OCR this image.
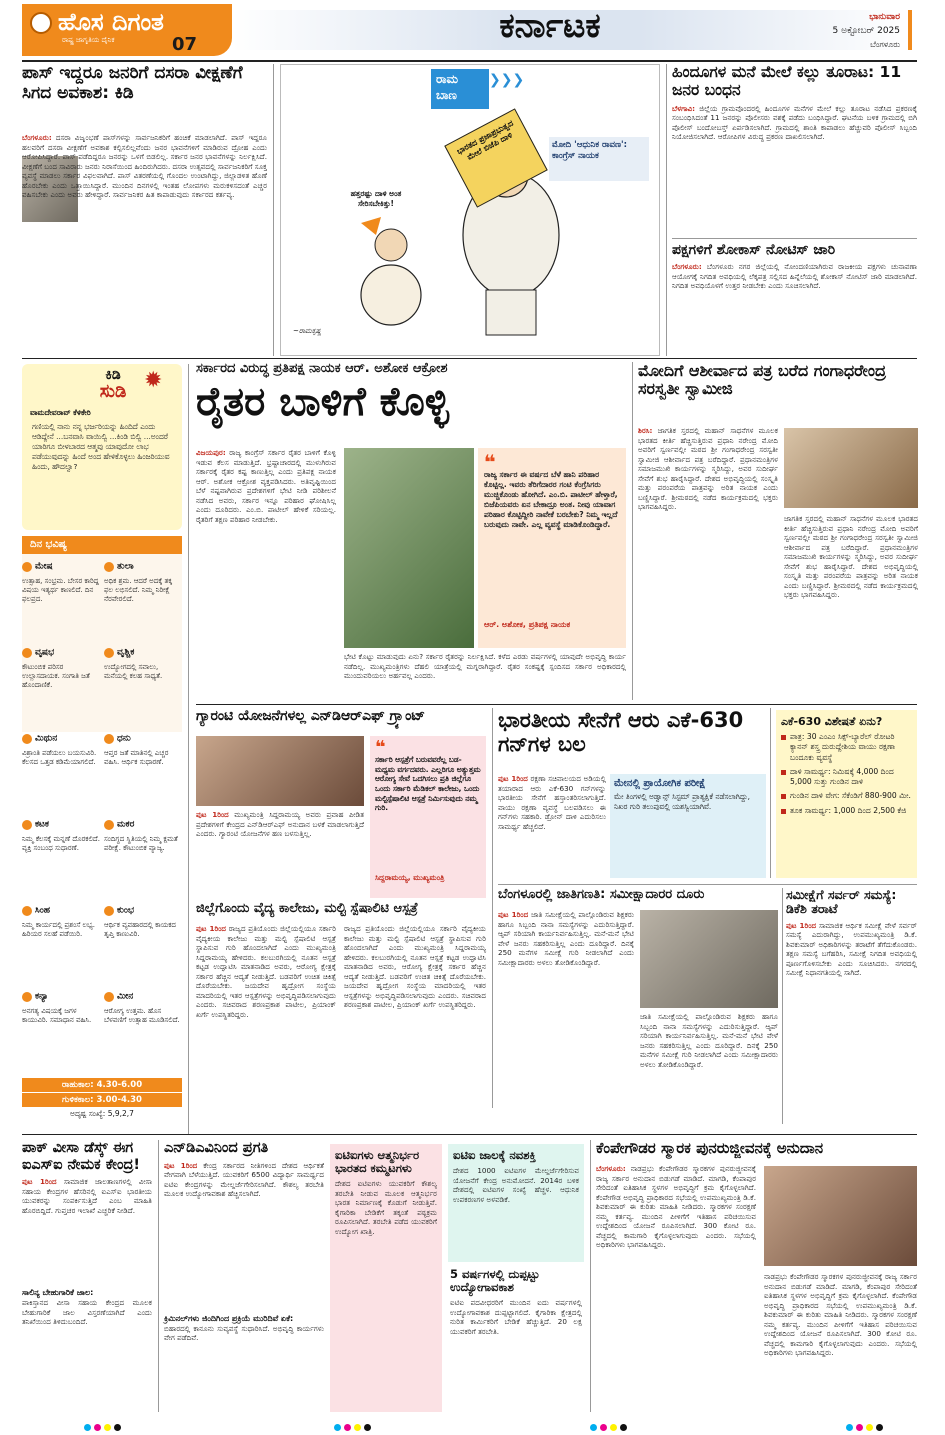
ಹೊಸ ದಿಗಂತ
ರಾಷ್ಟ್ರ ಜಾಗೃತಿಯ ದೈನಿಕ	07	ಕರ್ನಾಟಕ	ಭಾನುವಾರ
5 ಅಕ್ಟೋಬರ್ 2025
ಬೆಂಗಳೂರು
ಪಾಸ್ ಇದ್ದರೂ ಜನರಿಗೆ ದಸರಾ ವೀಕ್ಷಣೆಗೆ ಸಿಗದ ಅವಕಾಶ: ಕಿಡಿ

ಬೆಂಗಳೂರು: ದಸರಾ ವಿಜೃಂಭಣೆ ಪಾಸ್‌ಗಳನ್ನು ಸಾರ್ವಜನಿಕರಿಗೆ ಹಂಚಿಕೆ ಮಾಡಲಾಗಿದೆ. ಪಾಸ್ ಇದ್ದರೂ ಹಲವರಿಗೆ ದಸರಾ ವೀಕ್ಷಣೆಗೆ ಅವಕಾಶ ಕಲ್ಪಿಸಲಿಲ್ಲವೆಂದು ಜನರ ಭಾವನೆಗಳಿಗೆ ಮಾಡಿರುವ ದ್ರೋಹ ಎಂದು ಆರೋಪಿಸಿದ್ದಾರೆ. ಪಾಸ್ ಪಡೆದಿದ್ದರೂ ಜನರನ್ನು ಒಳಗೆ ಬಿಡಲಿಲ್ಲ. ಸರ್ಕಾರ ಜನರ ಭಾವನೆಗಳನ್ನು ನಿರ್ಲಕ್ಷಿಸಿದೆ. ವೀಕ್ಷಣೆಗೆ ಬಂದ ಸಾವಿರಾರು ಜನರು ನಿರಾಸೆಯಿಂದ ಹಿಂದಿರುಗಿದರು. ದಸರಾ ಉತ್ಸವದಲ್ಲಿ ಸಾರ್ವಜನಿಕರಿಗೆ ಸೂಕ್ತ ವ್ಯವಸ್ಥೆ ಮಾಡಲು ಸರ್ಕಾರ ವಿಫಲವಾಗಿದೆ. ಪಾಸ್ ವಿತರಣೆಯಲ್ಲಿ ಗೊಂದಲ ಉಂಟಾಗಿದ್ದು, ಜಿಲ್ಲಾಡಳಿತ ಹೊಣೆ ಹೊರಬೇಕು ಎಂದು ಒತ್ತಾಯಿಸಿದ್ದಾರೆ. ಮುಂದಿನ ದಿನಗಳಲ್ಲಿ ಇಂತಹ ಲೋಪಗಳು ಮರುಕಳಿಸದಂತೆ ಎಚ್ಚರ ವಹಿಸಬೇಕು ಎಂದು ಅವರು ಹೇಳಿದ್ದಾರೆ. ಸಾರ್ವಜನಿಕರ ಹಿತ ಕಾಪಾಡುವುದು ಸರ್ಕಾರದ ಕರ್ತವ್ಯ.

ರಾಮ
ಬಾಣ
❯❯❯
ಭಾರತದ ಪ್ರಜಾಪ್ರಭುತ್ವದ ಮೇಲೆ ಬಿಜೆಪಿ ದಾಳಿ	ಮೋದಿ 'ಆಧುನಿಕ ರಾವಣ': ಕಾಂಗ್ರೆಸ್ ನಾಯಕ
ಹತ್ತರಷ್ಟು ದಾಳಿ ಅಂತ ಸೇರಿಸಬೇಕಿತ್ತು!
~ರಾಮಕೃಷ್ಣ
ಹಿಂದೂಗಳ ಮನೆ ಮೇಲೆ ಕಲ್ಲು ತೂರಾಟ: 11 ಜನರ ಬಂಧನ
ಬೆಳಗಾವಿ: ಜಿಲ್ಲೆಯ ಗ್ರಾಮವೊಂದರಲ್ಲಿ ಹಿಂದೂಗಳ ಮನೆಗಳ ಮೇಲೆ ಕಲ್ಲು ತೂರಾಟ ನಡೆಸಿದ ಪ್ರಕರಣಕ್ಕೆ ಸಂಬಂಧಿಸಿದಂತೆ 11 ಜನರನ್ನು ಪೊಲೀಸರು ವಶಕ್ಕೆ ಪಡೆದು ಬಂಧಿಸಿದ್ದಾರೆ. ಘಟನೆಯ ಬಳಿಕ ಗ್ರಾಮದಲ್ಲಿ ಬಿಗಿ ಪೊಲೀಸ್ ಬಂದೋಬಸ್ತ್ ಏರ್ಪಡಿಸಲಾಗಿದೆ. ಗ್ರಾಮದಲ್ಲಿ ಶಾಂತಿ ಕಾಪಾಡಲು ಹೆಚ್ಚುವರಿ ಪೊಲೀಸ್ ಸಿಬ್ಬಂದಿ ನಿಯೋಜಿಸಲಾಗಿದೆ. ಆರೋಪಿಗಳ ವಿರುದ್ಧ ಪ್ರಕರಣ ದಾಖಲಿಸಲಾಗಿದೆ.
ಪಕ್ಷಗಳಿಗೆ ಶೋಕಾಸ್ ನೋಟಿಸ್ ಜಾರಿ
ಬೆಂಗಳೂರು: ಬೆಂಗಳೂರು ನಗರ ಜಿಲ್ಲೆಯಲ್ಲಿ ನೋಂದಣಿಯಾಗಿರುವ ರಾಜಕೀಯ ಪಕ್ಷಗಳು ಚುನಾವಣಾ ಆಯೋಗಕ್ಕೆ ನಿಗದಿತ ಅವಧಿಯಲ್ಲಿ ಲೆಕ್ಕಪತ್ರ ಸಲ್ಲಿಸದ ಹಿನ್ನೆಲೆಯಲ್ಲಿ ಶೋಕಾಸ್ ನೋಟಿಸ್ ಜಾರಿ ಮಾಡಲಾಗಿದೆ. ನಿಗದಿತ ಅವಧಿಯೊಳಗೆ ಉತ್ತರ ನೀಡಬೇಕು ಎಂದು ಸೂಚಿಸಲಾಗಿದೆ.
ಕಿಡಿ
ಸುಡಿ ✹
ವಾಮದೇವರಾವ್ ಕೆಳಿಕೇರಿ
ಗಣಿಯಲ್ಲಿ ನಾನು ನನ್ನ ಭರ್ಜರಿಯನ್ನು ಹಿಂದಿದೆ ಎಂದು ಆಡಿದ್ದೇನೆ ...ಬನವಾಸಿ ವಾಯಿಲ್ವಿ ...ಕಿಂಡಿ ಬಿಲ್ವಿ ...ಅಂದರೆ ಯಾರಿಗೂ ಬೀಳಬಾರದ ಆತ್ಮವು ಯಾವುದೋ ಲಾಭ ಪಡೆಯುವುದನ್ನು ಹಿಂದೆ ಅಂದ ಹೇಳಿಕೊಳ್ಳಲು ಹಿಂಜರಿಯುವ ಹಿಂದು, ಹೌದಲ್ವಾ?
ದಿನ ಭವಿಷ್ಯ
ಮೇಷ
ಉತ್ಸಾಹ, ಸಂಭ್ರಮ. ಬೇಸರ ಕಾರಿದ್ದ ವಿಷಯ ಇತ್ಯರ್ಥ ಕಾಣಲಿದೆ. ದಿನ ಫಲಪ್ರದ.
ತುಲಾ
ಅಧಿಕ ಶ್ರಮ. ಆದರೆ ಅದಕ್ಕೆ ತಕ್ಕ ಫಲ ಲಭಿಸಲಿದೆ. ನಿಮ್ಮ ನಿರೀಕ್ಷೆ ನೆರವೇರಲಿದೆ.
ವೃಷಭ
ಕೌಟುಂಬಿಕ ಪರಿಸರ ಉಲ್ಲಾಸದಾಯಕ. ಸಂಗಾತಿ ಜತೆ ಹೊಂದಾಣಿಕೆ.
ವೃಶ್ಚಿಕ
ಉದ್ಯೋಗದಲ್ಲಿ ಸವಾಲು, ಮನೆಯಲ್ಲಿ ಕಲಹ ಸಾಧ್ಯತೆ.
ಮಿಥುನ
ವಿಶ್ರಾಂತಿ ಪಡೆಯಲು ಬಯಸುವಿರಿ. ಕೆಲಸದ ಒತ್ತಡ ಕಡಿಮೆಯಾಗಲಿದೆ.
ಧನು
ಆಪ್ತರ ಜತೆ ಮಾತಿನಲ್ಲಿ ಎಚ್ಚರ ವಹಿಸಿ. ಆರ್ಥಿಕ ಸುಧಾರಣೆ.
ಕಟಕ
ನಿಮ್ಮ ಕೆಲಸಕ್ಕೆ ಮನ್ನಣೆ ದೊರಕಲಿದೆ. ವ್ಯಕ್ತಿ ಸಂಬಂಧ ಸುಧಾರಣೆ.
ಮಕರ
ಸಂದಿಗ್ಧದ ಸ್ಥಿತಿಯಲ್ಲಿ ನಿಮ್ಮ ಕ್ಷಮತೆ ಪರೀಕ್ಷೆ. ಕೌಟುಂಬಿಕ ವ್ಯಾಜ್ಯ.
ಸಿಂಹ
ನಿಮ್ಮ ಕಾರ್ಯದಲ್ಲಿ ಪ್ರಶಂಸೆ ಲಭ್ಯ. ಹಿರಿಯರ ಸಲಹೆ ಪಡೆಯಿರಿ.
ಕುಂಭ
ಆರ್ಥಿಕ ವ್ಯವಹಾರದಲ್ಲಿ ಕಾಯಕದ ತೃಪ್ತಿ ಕಾಣುವಿರಿ.
ಕನ್ಯಾ
ಅನಗತ್ಯ ವಿಷಯಕ್ಕೆ ಜಗಳ ಕಾಯುವಿರಿ. ಸಮಾಧಾನ ವಹಿಸಿ.
ಮೀನ
ಆರೋಗ್ಯ ಉತ್ತಮ. ಹೊಸ ಬೆಳವಣಿಗೆ ಉತ್ಸಾಹ ಮೂಡಿಸಲಿದೆ.
ರಾಹುಕಾಲ: 4.30-6.00
ಗುಳಿಕಕಾಲ: 3.00-4.30
ಅದೃಷ್ಟ ಸಂಖ್ಯೆ: 5,9,2,7
ಸರ್ಕಾರದ ವಿರುದ್ಧ ಪ್ರತಿಪಕ್ಷ ನಾಯಕ ಆರ್. ಅಶೋಕ ಆಕ್ರೋಶ
ರೈತರ ಬಾಳಿಗೆ ಕೊಳ್ಳಿ
ವಿಜಯಪುರ: ರಾಜ್ಯ ಕಾಂಗ್ರೆಸ್ ಸರ್ಕಾರ ರೈತರ ಬಾಳಿಗೆ ಕೊಳ್ಳಿ ಇಡುವ ಕೆಲಸ ಮಾಡುತ್ತಿದೆ. ಭ್ರಷ್ಟಾಚಾರದಲ್ಲಿ ಮುಳುಗಿರುವ ಸರ್ಕಾರಕ್ಕೆ ರೈತರ ಕಷ್ಟ ಕಾಣುತ್ತಿಲ್ಲ ಎಂದು ಪ್ರತಿಪಕ್ಷ ನಾಯಕ ಆರ್. ಅಶೋಕ ಆಕ್ರೋಶ ವ್ಯಕ್ತಪಡಿಸಿದರು. ಅತಿವೃಷ್ಟಿಯಿಂದ ಬೆಳೆ ನಷ್ಟವಾಗಿರುವ ಪ್ರದೇಶಗಳಿಗೆ ಭೇಟಿ ನೀಡಿ ಪರಿಶೀಲನೆ ನಡೆಸಿದ ಅವರು, ಸರ್ಕಾರ ಇನ್ನೂ ಪರಿಹಾರ ಘೋಷಿಸಿಲ್ಲ ಎಂದು ದೂರಿದರು. ಎಂ.ಬಿ. ಪಾಟೀಲ್ ಹೇಳಿಕೆ ಸರಿಯಲ್ಲ. ರೈತರಿಗೆ ತಕ್ಷಣ ಪರಿಹಾರ ನೀಡಬೇಕು.
❝
ರಾಜ್ಯ ಸರ್ಕಾರ ಈ ವರ್ಷದ ಬೆಳೆ ಹಾನಿ ಪರಿಹಾರ ಕೊಟ್ಟಿಲ್ಲ. ಇವರು ತೆರಿಗೆದಾರರ ಗಂಟಿ ಕೆಂಗ್ರೆಸಿಗರು ಮುಚ್ಚಿಕೊಂಡು ಹೋಗಿದೆ. ಎಂ.ಬಿ. ಪಾಟೀಲ್ ಹೇಳ್ತಾರೆ, ಬಿಜೆಪಿಯವರು ಏನ ಬೇಕಾದ್ರೂ ಅಂತ. ನೀವು ಯಾವಾಗ ಪರಿಹಾರ ಕೊಟ್ಟಿದ್ದೀರಿ ನಾವೇಕೆ ಬರಬೇಕು? ನಿಮ್ಮ ಇಲ್ಲದೆ ಬರುವುದು ನಾವೇ. ಎಲ್ಲ ವ್ಯವಸ್ಥೆ ಮಾಡಿಕೊಂಡಿದ್ದಾರೆ.
ಆರ್. ಅಶೋಕ, ಪ್ರತಿಪಕ್ಷ ನಾಯಕ
ಭೇಟಿ ಕೊಟ್ಟು ಮಾಡುವುದು ಏನು? ಸರ್ಕಾರ ರೈತರನ್ನು ನಿರ್ಲಕ್ಷಿಸಿದೆ. ಕಳೆದ ಎರಡು ವರ್ಷಗಳಲ್ಲಿ ಯಾವುದೇ ಅಭಿವೃದ್ಧಿ ಕಾರ್ಯ ನಡೆದಿಲ್ಲ. ಮುಖ್ಯಮಂತ್ರಿಗಳು ದೆಹಲಿ ಯಾತ್ರೆಯಲ್ಲಿ ಮಗ್ನರಾಗಿದ್ದಾರೆ. ರೈತರ ಸಂಕಷ್ಟಕ್ಕೆ ಸ್ಪಂದಿಸದ ಸರ್ಕಾರ ಅಧಿಕಾರದಲ್ಲಿ ಮುಂದುವರಿಯಲು ಅರ್ಹವಲ್ಲ ಎಂದರು.
ಮೋದಿಗೆ ಆಶೀರ್ವಾದ ಪತ್ರ ಬರೆದ ಗಂಗಾಧರೇಂದ್ರ ಸರಸ್ವತೀ ಸ್ವಾಮೀಜಿ
ಶಿರಸಿ: ಜಾಗತಿಕ ಸ್ತರದಲ್ಲಿ ಮಹಾನ್ ಸಾಧನೆಗಳ ಮೂಲಕ ಭಾರತದ ಕೀರ್ತಿ ಹೆಚ್ಚಿಸುತ್ತಿರುವ ಪ್ರಧಾನಿ ನರೇಂದ್ರ ಮೋದಿ ಅವರಿಗೆ ಸ್ವರ್ಣವಲ್ಲೀ ಮಠದ ಶ್ರೀ ಗಂಗಾಧರೇಂದ್ರ ಸರಸ್ವತೀ ಸ್ವಾಮೀಜಿ ಆಶೀರ್ವಾದ ಪತ್ರ ಬರೆದಿದ್ದಾರೆ. ಪ್ರಧಾನಮಂತ್ರಿಗಳ ಸಮಾಜಮುಖಿ ಕಾರ್ಯಗಳನ್ನು ಸ್ಮರಿಸಿದ್ದು, ಅವರ ಸುದೀರ್ಘ ಸೇವೆಗೆ ಶುಭ ಹಾರೈಸಿದ್ದಾರೆ. ದೇಶದ ಅಭಿವೃದ್ಧಿಯಲ್ಲಿ ಸಂಸ್ಕೃತಿ ಮತ್ತು ಪರಂಪರೆಯ ಪಾತ್ರವನ್ನು ಅರಿತ ನಾಯಕ ಎಂದು ಬಣ್ಣಿಸಿದ್ದಾರೆ. ಶ್ರೀಮಠದಲ್ಲಿ ನಡೆದ ಕಾರ್ಯಕ್ರಮದಲ್ಲಿ ಭಕ್ತರು ಭಾಗವಹಿಸಿದ್ದರು.
ಜಾಗತಿಕ ಸ್ತರದಲ್ಲಿ ಮಹಾನ್ ಸಾಧನೆಗಳ ಮೂಲಕ ಭಾರತದ ಕೀರ್ತಿ ಹೆಚ್ಚಿಸುತ್ತಿರುವ ಪ್ರಧಾನಿ ನರೇಂದ್ರ ಮೋದಿ ಅವರಿಗೆ ಸ್ವರ್ಣವಲ್ಲೀ ಮಠದ ಶ್ರೀ ಗಂಗಾಧರೇಂದ್ರ ಸರಸ್ವತೀ ಸ್ವಾಮೀಜಿ ಆಶೀರ್ವಾದ ಪತ್ರ ಬರೆದಿದ್ದಾರೆ. ಪ್ರಧಾನಮಂತ್ರಿಗಳ ಸಮಾಜಮುಖಿ ಕಾರ್ಯಗಳನ್ನು ಸ್ಮರಿಸಿದ್ದು, ಅವರ ಸುದೀರ್ಘ ಸೇವೆಗೆ ಶುಭ ಹಾರೈಸಿದ್ದಾರೆ. ದೇಶದ ಅಭಿವೃದ್ಧಿಯಲ್ಲಿ ಸಂಸ್ಕೃತಿ ಮತ್ತು ಪರಂಪರೆಯ ಪಾತ್ರವನ್ನು ಅರಿತ ನಾಯಕ ಎಂದು ಬಣ್ಣಿಸಿದ್ದಾರೆ. ಶ್ರೀಮಠದಲ್ಲಿ ನಡೆದ ಕಾರ್ಯಕ್ರಮದಲ್ಲಿ ಭಕ್ತರು ಭಾಗವಹಿಸಿದ್ದರು.
ಗ್ಯಾರಂಟಿ ಯೋಜನೆಗಳಲ್ಲ ಎನ್‌ಡಿಆರ್‌ಎಫ್ ಗ್ರ್ಯಾಂಟ್
ಪುಟ 1ರಿಂದ ಮುಖ್ಯಮಂತ್ರಿ ಸಿದ್ದರಾಮಯ್ಯ ಅವರು ಪ್ರವಾಹ ಪೀಡಿತ ಪ್ರದೇಶಗಳಿಗೆ ಕೇಂದ್ರದ ಎನ್‌ಡಿಆರ್‌ಎಫ್ ಅನುದಾನ ಬಳಕೆ ಮಾಡಲಾಗುತ್ತಿದೆ ಎಂದರು. ಗ್ಯಾರಂಟಿ ಯೋಜನೆಗಳ ಹಣ ಬಳಸುತ್ತಿಲ್ಲ.
❝
ಸರ್ಕಾರಿ ಆಸ್ಪತ್ರೆಗೆ ಬರುವವರೆಲ್ಲ ಬಡ-ಮಧ್ಯಮ ವರ್ಗದವರು. ಎಲ್ಲರಿಗೂ ಅತ್ಯುತ್ತಮ ಆರೋಗ್ಯ ಸೇವೆ ಒದಗಿಸಲು ಪ್ರತಿ ಜಿಲ್ಲೆಗೂ ಒಂದು ಸರ್ಕಾರಿ ಮೆಡಿಕಲ್ ಕಾಲೇಜು, ಒಂದು ಮಲ್ಟಿಸ್ಪೆಷಾಲಿಟಿ ಆಸ್ಪತ್ರೆ ನಿರ್ಮಿಸುವುದು ನಮ್ಮ ಗುರಿ.
ಸಿದ್ದರಾಮಯ್ಯ, ಮುಖ್ಯಮಂತ್ರಿ
ಭಾರತೀಯ ಸೇನೆಗೆ ಆರು ಎಕೆ-630 ಗನ್‌ಗಳ ಬಲ
ಪುಟ 1ರಿಂದ ರಕ್ಷಣಾ ಸಚಿವಾಲಯದ ಅಡಿಯಲ್ಲಿ ತಯಾರಾದ ಆರು ಎಕೆ-630 ಗನ್‌ಗಳನ್ನು ಭಾರತೀಯ ಸೇನೆಗೆ ಹಸ್ತಾಂತರಿಸಲಾಗುತ್ತಿದೆ. ವಾಯು ರಕ್ಷಣಾ ವ್ಯವಸ್ಥೆ ಬಲಪಡಿಸಲು ಈ ಗನ್‌ಗಳು ಸಹಕಾರಿ. ಡ್ರೋನ್ ದಾಳಿ ಎದುರಿಸಲು ಸಾಮರ್ಥ್ಯ ಹೆಚ್ಚಲಿದೆ.
ಮೇನಲ್ಲಿ ಪ್ರಾಯೋಗಿಕ ಪರೀಕ್ಷೆ
ಮೇ ತಿಂಗಳಲ್ಲಿ ಅಡ್ವಾನ್ಸ್ ಸಿಸ್ಟಮ್ ಪ್ರಾತ್ಯಕ್ಷಿಕೆ ನಡೆಸಲಾಗಿದ್ದು, ನಿಖರ ಗುರಿ ತಲುಪುವಲ್ಲಿ ಯಶಸ್ವಿಯಾಗಿವೆ.
ಎಕೆ-630 ವಿಶೇಷತೆ ಏನು?
ಪಾತ್ರ: 30 ಎಂಎಂ ಸಿಕ್ಸ್-ಬ್ಯಾರೆಲ್ ರೋಟರಿ ಕ್ಯಾನನ್ ಶಸ್ತ್ರ ದುರುದ್ದೇಶಿಯ ವಾಯು ರಕ್ಷಣಾ ಬಂದೂಕು ವ್ಯವಸ್ಥೆ
ದಾಳಿ ಸಾಮರ್ಥ್ಯ: ನಿಮಿಷಕ್ಕೆ 4,000 ದಿಂದ 5,000 ಸುತ್ತು ಗುಂಡಿನ ದಾಳಿ
ಗುಂಡಿನ ದಾಳಿ ವೇಗ: ಸೆಕೆಂಡಿಗೆ 880-900 ಮೀ.
ತೂಕ ಸಾಮರ್ಥ್ಯ: 1,000 ದಿಂದ 2,500 ಕೆಜಿ
ಜಿಲ್ಲೆಗೊಂದು ವೈದ್ಯ ಕಾಲೇಜು, ಮಲ್ಟಿ ಸ್ಪೆಷಾಲಿಟಿ ಆಸ್ಪತ್ರೆ
ಪುಟ 1ರಿಂದ ರಾಜ್ಯದ ಪ್ರತಿಯೊಂದು ಜಿಲ್ಲೆಯಲ್ಲಿಯೂ ಸರ್ಕಾರಿ ವೈದ್ಯಕೀಯ ಕಾಲೇಜು ಮತ್ತು ಮಲ್ಟಿ ಸ್ಪೆಷಾಲಿಟಿ ಆಸ್ಪತ್ರೆ ಸ್ಥಾಪಿಸುವ ಗುರಿ ಹೊಂದಲಾಗಿದೆ ಎಂದು ಮುಖ್ಯಮಂತ್ರಿ ಸಿದ್ದರಾಮಯ್ಯ ಹೇಳಿದರು. ಕಲಬುರಗಿಯಲ್ಲಿ ನೂತನ ಆಸ್ಪತ್ರೆ ಕಟ್ಟಡ ಉದ್ಘಾಟಿಸಿ ಮಾತನಾಡಿದ ಅವರು, ಆರೋಗ್ಯ ಕ್ಷೇತ್ರಕ್ಕೆ ಸರ್ಕಾರ ಹೆಚ್ಚಿನ ಆದ್ಯತೆ ನೀಡುತ್ತಿದೆ. ಬಡವರಿಗೆ ಉಚಿತ ಚಿಕಿತ್ಸೆ ದೊರೆಯಬೇಕು. ಜಯದೇವ ಹೃದ್ರೋಗ ಸಂಸ್ಥೆಯ ಮಾದರಿಯಲ್ಲಿ ಇತರ ಆಸ್ಪತ್ರೆಗಳನ್ನು ಅಭಿವೃದ್ಧಿಪಡಿಸಲಾಗುವುದು ಎಂದರು. ಸಚಿವರಾದ ಶರಣಪ್ರಕಾಶ ಪಾಟೀಲ, ಪ್ರಿಯಾಂಕ್ ಖರ್ಗೆ ಉಪಸ್ಥಿತರಿದ್ದರು.
ರಾಜ್ಯದ ಪ್ರತಿಯೊಂದು ಜಿಲ್ಲೆಯಲ್ಲಿಯೂ ಸರ್ಕಾರಿ ವೈದ್ಯಕೀಯ ಕಾಲೇಜು ಮತ್ತು ಮಲ್ಟಿ ಸ್ಪೆಷಾಲಿಟಿ ಆಸ್ಪತ್ರೆ ಸ್ಥಾಪಿಸುವ ಗುರಿ ಹೊಂದಲಾಗಿದೆ ಎಂದು ಮುಖ್ಯಮಂತ್ರಿ ಸಿದ್ದರಾಮಯ್ಯ ಹೇಳಿದರು. ಕಲಬುರಗಿಯಲ್ಲಿ ನೂತನ ಆಸ್ಪತ್ರೆ ಕಟ್ಟಡ ಉದ್ಘಾಟಿಸಿ ಮಾತನಾಡಿದ ಅವರು, ಆರೋಗ್ಯ ಕ್ಷೇತ್ರಕ್ಕೆ ಸರ್ಕಾರ ಹೆಚ್ಚಿನ ಆದ್ಯತೆ ನೀಡುತ್ತಿದೆ. ಬಡವರಿಗೆ ಉಚಿತ ಚಿಕಿತ್ಸೆ ದೊರೆಯಬೇಕು. ಜಯದೇವ ಹೃದ್ರೋಗ ಸಂಸ್ಥೆಯ ಮಾದರಿಯಲ್ಲಿ ಇತರ ಆಸ್ಪತ್ರೆಗಳನ್ನು ಅಭಿವೃದ್ಧಿಪಡಿಸಲಾಗುವುದು ಎಂದರು. ಸಚಿವರಾದ ಶರಣಪ್ರಕಾಶ ಪಾಟೀಲ, ಪ್ರಿಯಾಂಕ್ ಖರ್ಗೆ ಉಪಸ್ಥಿತರಿದ್ದರು.
ಬೆಂಗಳೂರಲ್ಲಿ ಜಾತಿಗಣತಿ: ಸಮೀಕ್ಷಾದಾರರ ದೂರು
ಪುಟ 1ರಿಂದ ಜಾತಿ ಸಮೀಕ್ಷೆಯಲ್ಲಿ ಪಾಲ್ಗೊಂಡಿರುವ ಶಿಕ್ಷಕರು ಹಾಗೂ ಸಿಬ್ಬಂದಿ ನಾನಾ ಸಮಸ್ಯೆಗಳನ್ನು ಎದುರಿಸುತ್ತಿದ್ದಾರೆ. ಆ್ಯಪ್ ಸರಿಯಾಗಿ ಕಾರ್ಯನಿರ್ವಹಿಸುತ್ತಿಲ್ಲ. ಮನೆ-ಮನೆ ಭೇಟಿ ವೇಳೆ ಜನರು ಸಹಕರಿಸುತ್ತಿಲ್ಲ ಎಂದು ದೂರಿದ್ದಾರೆ. ದಿನಕ್ಕೆ 250 ಮನೆಗಳ ಸಮೀಕ್ಷೆ ಗುರಿ ನೀಡಲಾಗಿದೆ ಎಂದು ಸಮೀಕ್ಷಾದಾರರು ಅಳಲು ತೋಡಿಕೊಂಡಿದ್ದಾರೆ.
ಜಾತಿ ಸಮೀಕ್ಷೆಯಲ್ಲಿ ಪಾಲ್ಗೊಂಡಿರುವ ಶಿಕ್ಷಕರು ಹಾಗೂ ಸಿಬ್ಬಂದಿ ನಾನಾ ಸಮಸ್ಯೆಗಳನ್ನು ಎದುರಿಸುತ್ತಿದ್ದಾರೆ. ಆ್ಯಪ್ ಸರಿಯಾಗಿ ಕಾರ್ಯನಿರ್ವಹಿಸುತ್ತಿಲ್ಲ. ಮನೆ-ಮನೆ ಭೇಟಿ ವೇಳೆ ಜನರು ಸಹಕರಿಸುತ್ತಿಲ್ಲ ಎಂದು ದೂರಿದ್ದಾರೆ. ದಿನಕ್ಕೆ 250 ಮನೆಗಳ ಸಮೀಕ್ಷೆ ಗುರಿ ನೀಡಲಾಗಿದೆ ಎಂದು ಸಮೀಕ್ಷಾದಾರರು ಅಳಲು ತೋಡಿಕೊಂಡಿದ್ದಾರೆ.
ಸಮೀಕ್ಷೆಗೆ ಸರ್ವರ್ ಸಮಸ್ಯೆ: ಡಿಕೆಶಿ ತರಾಟೆ
ಪುಟ 1ರಿಂದ ಸಾಮಾಜಿಕ ಆರ್ಥಿಕ ಸಮೀಕ್ಷೆ ವೇಳೆ ಸರ್ವರ್ ಸಮಸ್ಯೆ ಎದುರಾಗಿದ್ದು, ಉಪಮುಖ್ಯಮಂತ್ರಿ ಡಿ.ಕೆ. ಶಿವಕುಮಾರ್ ಅಧಿಕಾರಿಗಳನ್ನು ತರಾಟೆಗೆ ತೆಗೆದುಕೊಂಡರು. ತಕ್ಷಣ ಸಮಸ್ಯೆ ಬಗೆಹರಿಸಿ, ಸಮೀಕ್ಷೆ ನಿಗದಿತ ಅವಧಿಯಲ್ಲಿ ಪೂರ್ಣಗೊಳಿಸಬೇಕು ಎಂದು ಸೂಚಿಸಿದರು. ನಗರದಲ್ಲಿ ಸಮೀಕ್ಷೆ ನಿಧಾನಗತಿಯಲ್ಲಿ ಸಾಗಿದೆ.
ಪಾಕ್ ವೀಸಾ ಡೆಸ್ಕ್ ಈಗ ಐಎಸ್‌ಐ ನೇಮಕ ಕೇಂದ್ರ!
ಪುಟ 1ರಿಂದ ಸಾಮಾಜಿಕ ಜಾಲತಾಣಗಳಲ್ಲಿ ವೀಸಾ ಸಹಾಯ ಕೇಂದ್ರಗಳ ಹೆಸರಿನಲ್ಲಿ ಐಎಸ್‌ಐ ಭಾರತೀಯ ಯುವಕರನ್ನು ಸಂಪರ್ಕಿಸುತ್ತಿದೆ ಎಂಬ ಮಾಹಿತಿ ಹೊರಬಿದ್ದಿದೆ. ಗುಪ್ತಚರ ಇಲಾಖೆ ಎಚ್ಚರಿಕೆ ನೀಡಿದೆ.
ಸಾಲಿನ್ಯ ಬೇಹುಗಾರಿಕೆ ಜಾಲ:
ಪಾಕಿಸ್ತಾನದ ವೀಸಾ ಸಹಾಯ ಕೇಂದ್ರದ ಮೂಲಕ ಬೇಹುಗಾರಿಕೆ ಜಾಲ ವಿಸ್ತರಣೆಯಾಗಿದೆ ಎಂದು ತನಿಖೆಯಿಂದ ತಿಳಿದುಬಂದಿದೆ.
ಎನ್‌ಡಿಎವಿನಿಂದ ಪ್ರಗತಿ
ಪುಟ 1ರಿಂದ ಕೇಂದ್ರ ಸರ್ಕಾರದ ನೀತಿಗಳಿಂದ ದೇಶದ ಆರ್ಥಿಕತೆ ವೇಗವಾಗಿ ಬೆಳೆಯುತ್ತಿದೆ. ಯುವಕರಿಗೆ 6500 ವಿದ್ಯಾರ್ಥಿ ಸಾಮರ್ಥ್ಯದ ಐಟಿಐ ಕೇಂದ್ರಗಳನ್ನು ಮೇಲ್ದರ್ಜೆಗೇರಿಸಲಾಗಿದೆ. ಕೌಶಲ್ಯ ತರಬೇತಿ ಮೂಲಕ ಉದ್ಯೋಗಾವಕಾಶ ಹೆಚ್ಚಿಸಲಾಗಿದೆ.
ಕ್ರಿಮಿನಲ್‌ಗಳು ಜಿಂದಿಗಿಂದ ಪ್ರಕ್ರಿಯೆ ಮುರಿದಿವೆ ಏಕೆ:
ಬಿಹಾರದಲ್ಲಿ ಕಾನೂನು ಸುವ್ಯವಸ್ಥೆ ಸುಧಾರಿಸಿದೆ. ಅಭಿವೃದ್ಧಿ ಕಾರ್ಯಗಳು ವೇಗ ಪಡೆದಿವೆ.
ಐಟಿಐಗಳು ಆತ್ಮನಿರ್ಭರ ಭಾರತದ ಕಮ್ಮಟಗಳು
ದೇಶದ ಐಟಿಐಗಳು ಯುವಕರಿಗೆ ಕೌಶಲ್ಯ ತರಬೇತಿ ನೀಡುವ ಮೂಲಕ ಆತ್ಮನಿರ್ಭರ ಭಾರತ ನಿರ್ಮಾಣಕ್ಕೆ ಕೊಡುಗೆ ನೀಡುತ್ತಿವೆ. ಕೈಗಾರಿಕಾ ಬೇಡಿಕೆಗೆ ತಕ್ಕಂತೆ ಪಠ್ಯಕ್ರಮ ರೂಪಿಸಲಾಗಿದೆ. ತರಬೇತಿ ಪಡೆದ ಯುವಕರಿಗೆ ಉದ್ಯೋಗ ಖಾತ್ರಿ.
ಐಟಿಐ ಜಾಲಕ್ಕೆ ನವಶಕ್ತಿ
ದೇಶದ 1000 ಐಟಿಐಗಳ ಮೇಲ್ದರ್ಜೆಗೇರಿಸುವ ಯೋಜನೆಗೆ ಕೇಂದ್ರ ಅನುಮೋದನೆ. 2014ರ ಬಳಿಕ ದೇಶದಲ್ಲಿ ಐಟಿಐಗಳ ಸಂಖ್ಯೆ ಹೆಚ್ಚಳ. ಆಧುನಿಕ ಉಪಕರಣಗಳ ಅಳವಡಿಕೆ.
5 ವರ್ಷಗಳಲ್ಲಿ ದುಪ್ಪಟ್ಟು ಉದ್ಯೋಗಾವಕಾಶ
ಐಟಿಐ ಪದವೀಧರರಿಗೆ ಮುಂದಿನ ಐದು ವರ್ಷಗಳಲ್ಲಿ ಉದ್ಯೋಗಾವಕಾಶ ದುಪ್ಪಟ್ಟಾಗಲಿದೆ. ಕೈಗಾರಿಕಾ ಕ್ಷೇತ್ರದಲ್ಲಿ ನುರಿತ ಕಾರ್ಮಿಕರಿಗೆ ಬೇಡಿಕೆ ಹೆಚ್ಚುತ್ತಿದೆ. 20 ಲಕ್ಷ ಯುವಕರಿಗೆ ತರಬೇತಿ.
ಕೆಂಪೇಗೌಡರ ಸ್ಮಾರಕ ಪುನರುಜ್ಜೀವನಕ್ಕೆ ಅನುದಾನ
ಬೆಂಗಳೂರು: ನಾಡಪ್ರಭು ಕೆಂಪೇಗೌಡರ ಸ್ಮಾರಕಗಳ ಪುನರುಜ್ಜೀವನಕ್ಕೆ ರಾಜ್ಯ ಸರ್ಕಾರ ಅನುದಾನ ಬಿಡುಗಡೆ ಮಾಡಿದೆ. ಮಾಗಡಿ, ಕೆಂಪಾಪುರ ಸೇರಿದಂತೆ ಐತಿಹಾಸಿಕ ಸ್ಥಳಗಳ ಅಭಿವೃದ್ಧಿಗೆ ಕ್ರಮ ಕೈಗೊಳ್ಳಲಾಗಿದೆ. ಕೆಂಪೇಗೌಡ ಅಭಿವೃದ್ಧಿ ಪ್ರಾಧಿಕಾರದ ಸಭೆಯಲ್ಲಿ ಉಪಮುಖ್ಯಮಂತ್ರಿ ಡಿ.ಕೆ. ಶಿವಕುಮಾರ್ ಈ ಕುರಿತು ಮಾಹಿತಿ ನೀಡಿದರು. ಸ್ಮಾರಕಗಳ ಸಂರಕ್ಷಣೆ ನಮ್ಮ ಕರ್ತವ್ಯ. ಮುಂದಿನ ಪೀಳಿಗೆಗೆ ಇತಿಹಾಸ ಪರಿಚಯಿಸುವ ಉದ್ದೇಶದಿಂದ ಯೋಜನೆ ರೂಪಿಸಲಾಗಿದೆ. 300 ಕೋಟಿ ರೂ. ವೆಚ್ಚದಲ್ಲಿ ಕಾಮಗಾರಿ ಕೈಗೊಳ್ಳಲಾಗುವುದು ಎಂದರು. ಸಭೆಯಲ್ಲಿ ಅಧಿಕಾರಿಗಳು ಭಾಗವಹಿಸಿದ್ದರು.
ನಾಡಪ್ರಭು ಕೆಂಪೇಗೌಡರ ಸ್ಮಾರಕಗಳ ಪುನರುಜ್ಜೀವನಕ್ಕೆ ರಾಜ್ಯ ಸರ್ಕಾರ ಅನುದಾನ ಬಿಡುಗಡೆ ಮಾಡಿದೆ. ಮಾಗಡಿ, ಕೆಂಪಾಪುರ ಸೇರಿದಂತೆ ಐತಿಹಾಸಿಕ ಸ್ಥಳಗಳ ಅಭಿವೃದ್ಧಿಗೆ ಕ್ರಮ ಕೈಗೊಳ್ಳಲಾಗಿದೆ. ಕೆಂಪೇಗೌಡ ಅಭಿವೃದ್ಧಿ ಪ್ರಾಧಿಕಾರದ ಸಭೆಯಲ್ಲಿ ಉಪಮುಖ್ಯಮಂತ್ರಿ ಡಿ.ಕೆ. ಶಿವಕುಮಾರ್ ಈ ಕುರಿತು ಮಾಹಿತಿ ನೀಡಿದರು. ಸ್ಮಾರಕಗಳ ಸಂರಕ್ಷಣೆ ನಮ್ಮ ಕರ್ತವ್ಯ. ಮುಂದಿನ ಪೀಳಿಗೆಗೆ ಇತಿಹಾಸ ಪರಿಚಯಿಸುವ ಉದ್ದೇಶದಿಂದ ಯೋಜನೆ ರೂಪಿಸಲಾಗಿದೆ. 300 ಕೋಟಿ ರೂ. ವೆಚ್ಚದಲ್ಲಿ ಕಾಮಗಾರಿ ಕೈಗೊಳ್ಳಲಾಗುವುದು ಎಂದರು. ಸಭೆಯಲ್ಲಿ ಅಧಿಕಾರಿಗಳು ಭಾಗವಹಿಸಿದ್ದರು.
